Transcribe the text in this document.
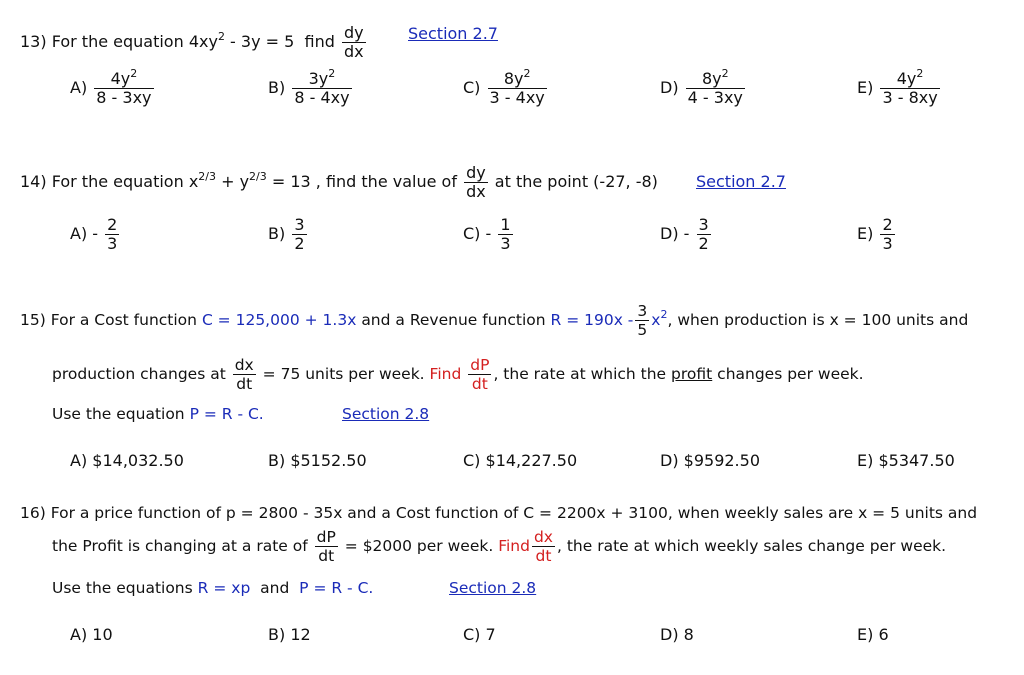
13) For the equation $4xy^2 - 3y = 5$ find $\frac{dy}{dx}$	Section 2.7
$A) \frac{4y^2}{8 - 3xy}$	$B) \frac{3y^2}{8 - 4xy}$	$C) \frac{8y^2}{3 - 4xy}$	$D) \frac{8y^2}{4 - 3xy}$	$E) \frac{4y^2}{3 - 8xy}$
14) For the equation $x^{2/3} + y^{2/3} = 13$ , find the value of $\frac{dy}{dx}$ at the point (-27, -8) Section 2.7
$A) - \frac{2}{3}$	$B) \frac{3}{2}$	$C) - \frac{1}{3}$	$D) - \frac{3}{2}$	$E) \frac{2}{3}$
15) For a Cost function C = 125,000 + 1.3x and a Revenue function $R = 190x - \frac{3}{5} x^2$, when production is x = 100 units and
production changes at $\frac{dx}{dt} = 75$ units per week. Find $\frac{dP}{dt}$ , the rate at which the profit changes per week.
Use the equation P = R - C.	Section 2.8
A) $14,032.50	B) $5152.50	C) $14,227.50	D) $9592.50	E) $5347.50
16) For a price function of p = 2800 - 35x and a Cost function of C = 2200x + 3100, when weekly sales are x = 5 units and
the Profit is changing at a rate of $\frac{dP}{dt}$ = $2000 per week. Find $\frac{dx}{dt}$ , the rate at which weekly sales change per week.
Use the equations R = xp and P = R - C.	Section 2.8
A) 10	B) 12	C) 7	D) 8	E) 6
